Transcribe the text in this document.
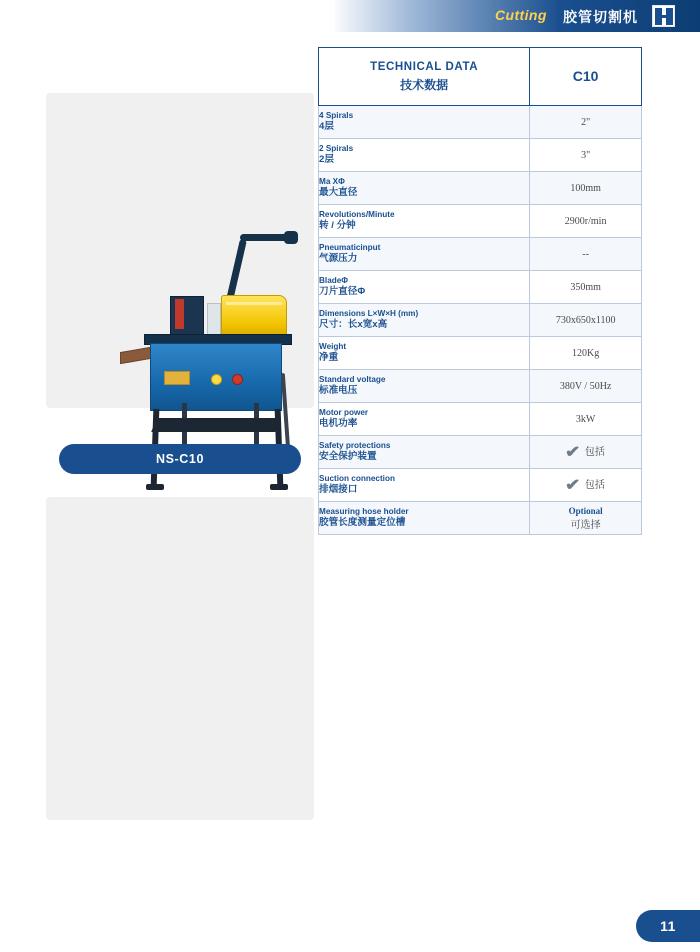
Cutting 胶管切割机
NS-C10
TECHNICAL DATA
技术数据	C10

4 Spirals
4层	2"

2 Spirals
2层	3"

Ma XΦ
最大直径	100mm

Revolutions/Minute
转 / 分钟	2900r/min

Pneumaticinput
气源压力	--

BladeΦ
刀片直径Φ	350mm

Dimensions L×W×H (mm)
尺寸：长x宽x高	730x650x1100

Weight
净重	120Kg

Standard voltage
标准电压	380V / 50Hz

Motor power
电机功率	3kW

Safety protections
安全保护装置	✔ 包括

Suction connection
排烟接口	✔ 包括

Measuring hose holder
胶管长度测量定位槽	Optional
可选择
11
